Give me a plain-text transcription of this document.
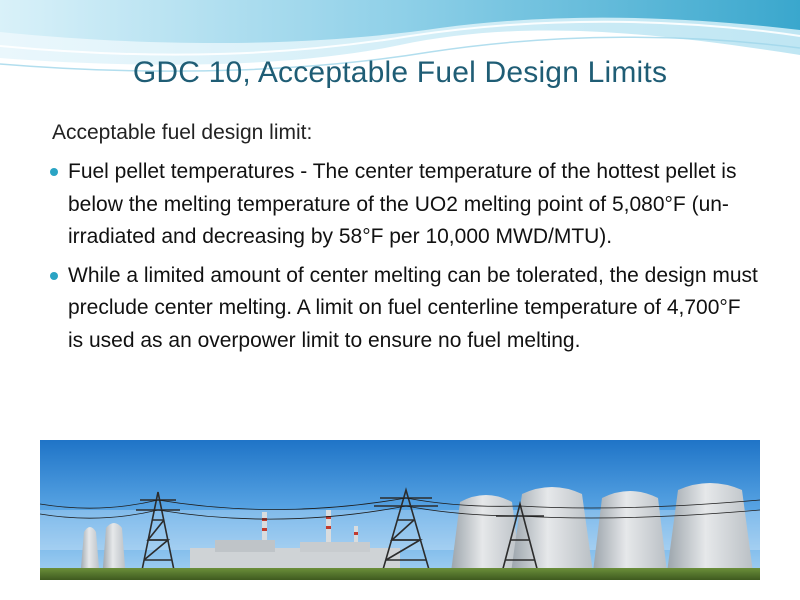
GDC 10, Acceptable Fuel Design Limits
Acceptable fuel design limit:
Fuel pellet temperatures - The center temperature of the hottest pellet is below the melting temperature of the UO2 melting point of 5,080°F (un-irradiated and decreasing by 58°F per 10,000 MWD/MTU).
While a limited amount of center melting can be tolerated, the design must preclude center melting. A limit on fuel centerline temperature of 4,700°F is used as an overpower limit to ensure no fuel melting.
